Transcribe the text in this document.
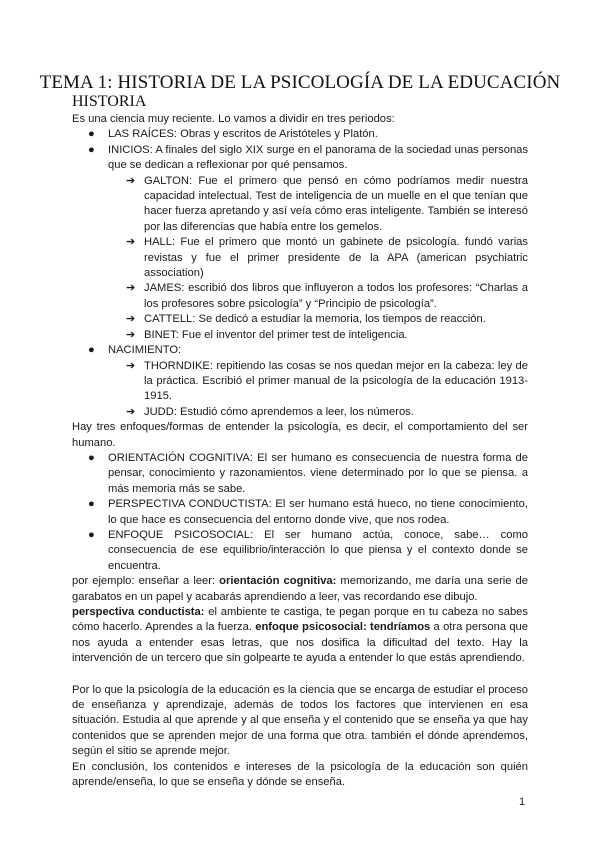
TEMA 1: HISTORIA DE LA PSICOLOGÍA DE LA EDUCACIÓN
HISTORIA

Es una ciencia muy reciente. Lo vamos a dividir en tres periodos:

● LAS RAÍCES: Obras y escritos de Aristóteles y Platón.
● INICIOS: A finales del siglo XIX surge en el panorama de la sociedad unas personas que se dedican a reflexionar por qué pensamos.
➔ GALTON: Fue el primero que pensó en cómo podríamos medir nuestra capacidad intelectual. Test de inteligencia de un muelle en el que tenían que hacer fuerza apretando y así veía cómo eras inteligente. También se interesó por las diferencias que había entre los gemelos.
➔ HALL: Fue el primero que montó un gabinete de psicología. fundó varias revistas y fue el primer presidente de la APA (american psychiatric association)
➔ JAMES: escribió dos libros que influyeron a todos los profesores: “Charlas a los profesores sobre psicología” y “Principio de psicología”.
➔ CATTELL: Se dedicó a estudiar la memoria, los tiempos de reacción.
➔ BINET: Fue el inventor del primer test de inteligencia.
● NACIMIENTO:
➔ THORNDIKE: repitiendo las cosas se nos quedan mejor en la cabeza: ley de la práctica. Escribió el primer manual de la psicología de la educación 1913-1915.
➔ JUDD: Estudió cómo aprendemos a leer, los números.

Hay tres enfoques/formas de entender la psicología, es decir, el comportamiento del ser humano.

● ORIENTACIÓN COGNITIVA: El ser humano es consecuencia de nuestra forma de pensar, conocimiento y razonamientos. viene determinado por lo que se piensa. a más memoria más se sabe.
● PERSPECTIVA CONDUCTISTA: El ser humano está hueco, no tiene conocimiento, lo que hace es consecuencia del entorno donde vive, que nos rodea.
● ENFOQUE PSICOSOCIAL: El ser humano actúa, conoce, sabe… como consecuencia de ese equilibrio/interacción lo que piensa y el contexto donde se encuentra.

por ejemplo: enseñar a leer: orientación cognitiva: memorizando, me daría una serie de garabatos en un papel y acabarás aprendiendo a leer, vas recordando ese dibujo.

perspectiva conductista: el ambiente te castiga, te pegan porque en tu cabeza no sabes cómo hacerlo. Aprendes a la fuerza. enfoque psicosocial: tendríamos a otra persona que nos ayuda a entender esas letras, que nos dosifica la dificultad del texto. Hay la intervención de un tercero que sin golpearte te ayuda a entender lo que estás aprendiendo.

Por lo que la psicología de la educación es la ciencia que se encarga de estudiar el proceso de enseñanza y aprendizaje, además de todos los factores que intervienen en esa situación. Estudia al que aprende y al que enseña y el contenido que se enseña ya que hay contenidos que se aprenden mejor de una forma que otra. también el dónde aprendemos, según el sitio se aprende mejor.

En conclusión, los contenidos e intereses de la psicología de la educación son quién aprende/enseña, lo que se enseña y dónde se enseña.

1
